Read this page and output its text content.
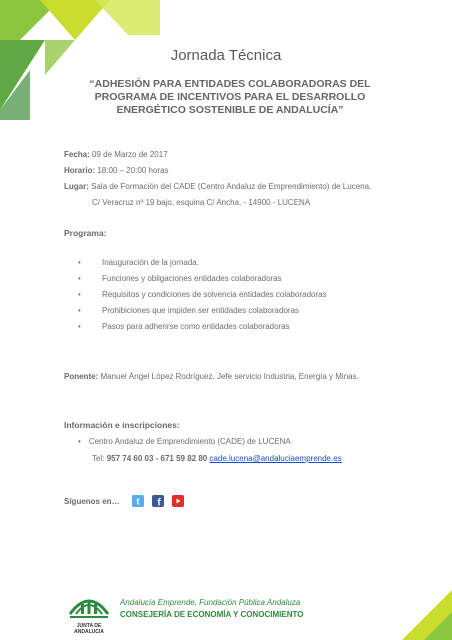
Jornada Técnica
“ADHESIÓN PARA ENTIDADES COLABORADORAS DEL PROGRAMA DE INCENTIVOS PARA EL DESARROLLO ENERGÉTICO SOSTENIBLE DE ANDALUCÍA”
Fecha: 09 de Marzo de 2017
Horario: 18:00 – 20:00 horas
Lugar: Sala de Formación del CADE (Centro Andaluz de Emprendimiento) de Lucena.
C/ Veracruz nº 19 bajo, esquina C/ Ancha. - 14900 - LUCENA
Programa:
• Inauguración de la jornada.
• Funciones y obligaciones entidades colaboradoras
• Requisitos y condiciones de solvencia entidades colaboradoras
• Prohibiciones que impiden ser entidades colaboradoras
• Pasos para adherirse como entidades colaboradoras
Ponente: Manuel Ángel López Rodríguez. Jefe servicio Industria, Energía y Minas.
Información e inscripciones:
• Centro Andaluz de Emprendimiento (CADE) de LUCENA
Tel: 957 74 60 03 - 671 59 82 80 cade.lucena@andaluciaemprende.es
Síguenos en… t f
JUNTA DE ANDALUCIA
Andalucía Emprende, Fundación Pública Andaluza
CONSEJERÍA DE ECONOMÍA Y CONOCIMIENTO
